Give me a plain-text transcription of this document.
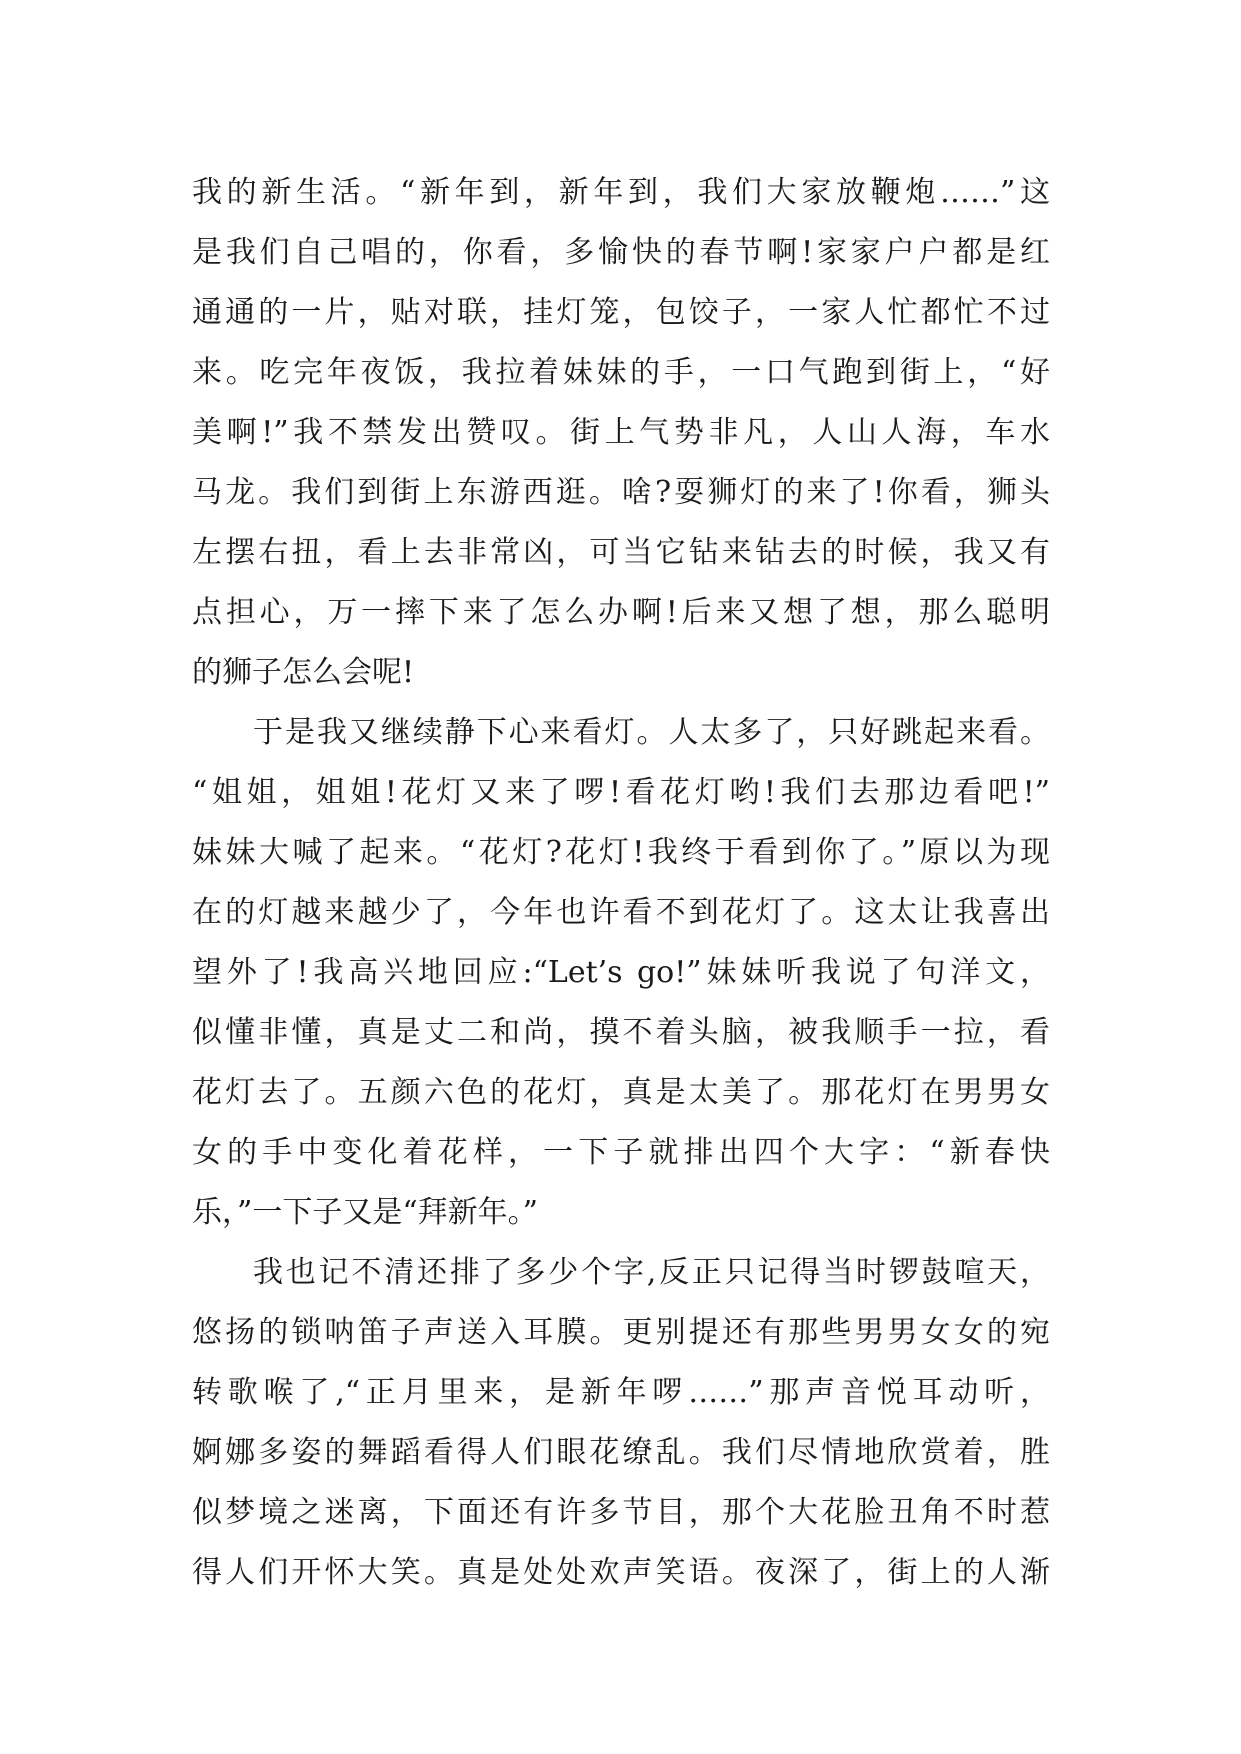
我的新生活。“新年到，新年到，我们大家放鞭炮……”这
是我们自己唱的，你看，多愉快的春节啊!家家户户都是红
通通的一片，贴对联，挂灯笼，包饺子，一家人忙都忙不过
来。吃完年夜饭，我拉着妹妹的手，一口气跑到街上，“好
美啊!”我不禁发出赞叹。街上气势非凡，人山人海，车水
马龙。我们到街上东游西逛。啥?耍狮灯的来了!你看，狮头
左摆右扭，看上去非常凶，可当它钻来钻去的时候，我又有
点担心，万一摔下来了怎么办啊!后来又想了想，那么聪明
的狮子怎么会呢!
于是我又继续静下心来看灯。人太多了，只好跳起来看。
“姐姐，姐姐!花灯又来了啰!看花灯哟!我们去那边看吧!”
妹妹大喊了起来。“花灯?花灯!我终于看到你了。”原以为现
在的灯越来越少了，今年也许看不到花灯了。这太让我喜出
望外了!我高兴地回应:“Let’s go!”妹妹听我说了句洋文，
似懂非懂，真是丈二和尚，摸不着头脑，被我顺手一拉，看
花灯去了。五颜六色的花灯，真是太美了。那花灯在男男女
女的手中变化着花样，一下子就排出四个大字：“新春快
乐，”一下子又是“拜新年。”
我也记不清还排了多少个字,反正只记得当时锣鼓喧天，
悠扬的锁呐笛子声送入耳膜。更别提还有那些男男女女的宛
转歌喉了,“正月里来，是新年啰……”那声音悦耳动听，
婀娜多姿的舞蹈看得人们眼花缭乱。我们尽情地欣赏着，胜
似梦境之迷离，下面还有许多节目，那个大花脸丑角不时惹
得人们开怀大笑。真是处处欢声笑语。夜深了，街上的人渐
